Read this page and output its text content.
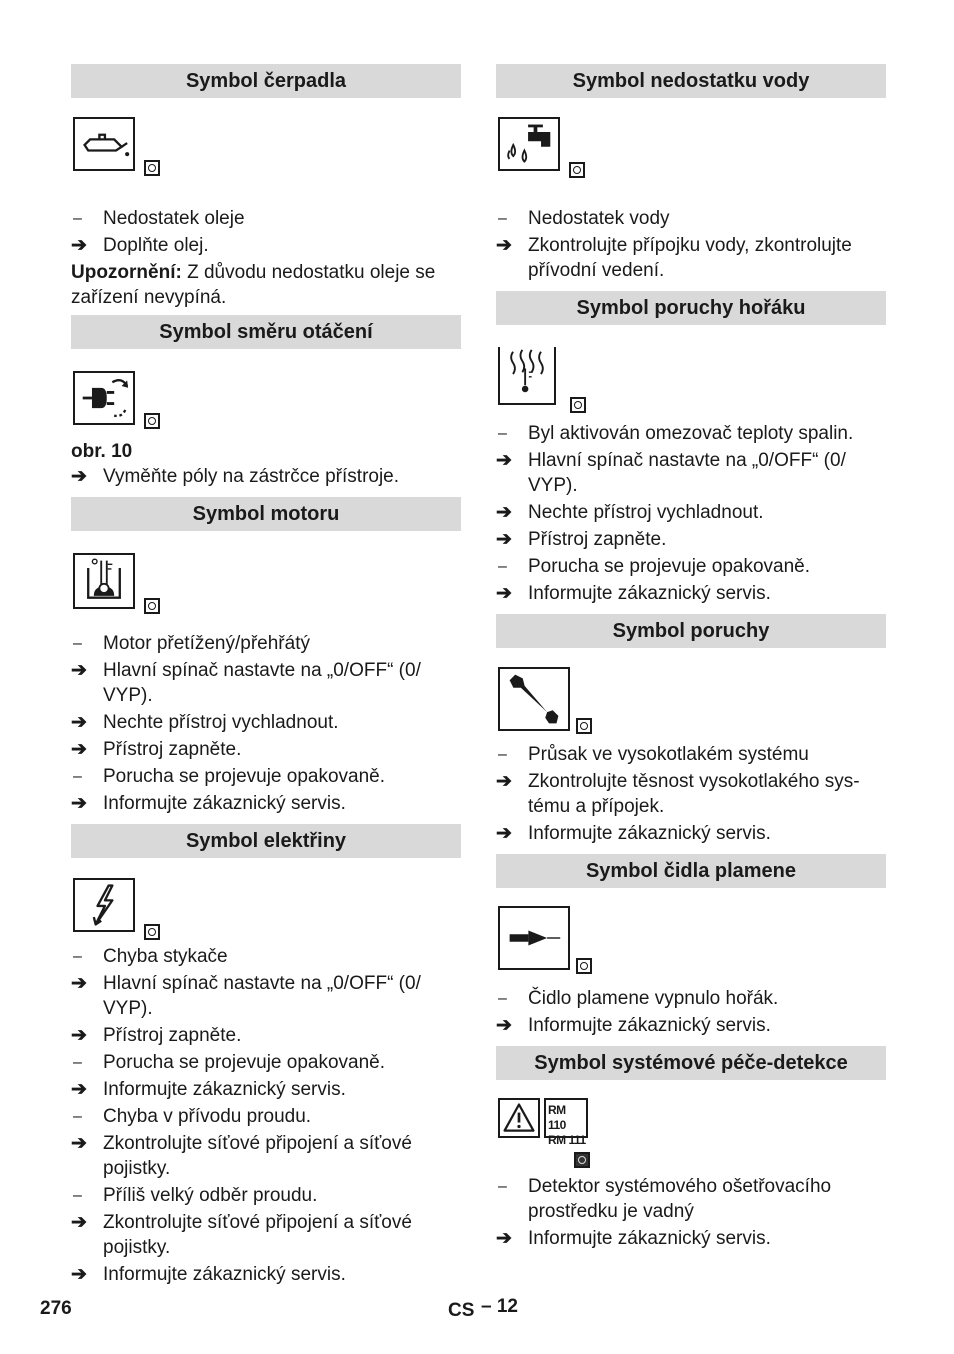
Symbol čerpadla
–	Nedostatek oleje
➔ Doplňte olej.
Upozornění: Z důvodu nedostatku oleje se zařízení nevypíná.
Symbol směru otáčení
obr. 10
➔ Vyměňte póly na zástrčce přístroje.
Symbol motoru
–	Motor přetížený/přehřátý
➔ Hlavní spínač nastavte na „0/OFF“ (0/ VYP).
➔ Nechte přístroj vychladnout.
➔ Přístroj zapněte.
–	Porucha se projevuje opakovaně.
➔ Informujte zákaznický servis.
Symbol elektřiny
–	Chyba stykače
➔ Hlavní spínač nastavte na „0/OFF“ (0/ VYP).
➔ Přístroj zapněte.
–	Porucha se projevuje opakovaně.
➔ Informujte zákaznický servis.
–	Chyba v přívodu proudu.
➔ Zkontrolujte síťové připojení a síťové pojistky.
–	Příliš velký odběr proudu.
➔ Zkontrolujte síťové připojení a síťové pojistky.
➔ Informujte zákaznický servis.
Symbol nedostatku vody
–	Nedostatek vody
➔ Zkontrolujte přípojku vody, zkontrolujte přívodní vedení.
Symbol poruchy hořáku
–	Byl aktivován omezovač teploty spalin.
➔ Hlavní spínač nastavte na „0/OFF“ (0/ VYP).
➔ Nechte přístroj vychladnout.
➔ Přístroj zapněte.
–	Porucha se projevuje opakovaně.
➔ Informujte zákaznický servis.
Symbol poruchy
–	Průsak ve vysokotlakém systému
➔ Zkontrolujte těsnost vysokotlakého sys- tému a přípojek.
➔ Informujte zákaznický servis.
Symbol čidla plamene
–	Čidlo plamene vypnulo hořák.
➔ Informujte zákaznický servis.
Symbol systémové péče-detekce
RM 110
RM 111
–	Detektor systémového ošetřovacího prostředku je vadný
➔ Informujte zákaznický servis.
276	CS – 12
